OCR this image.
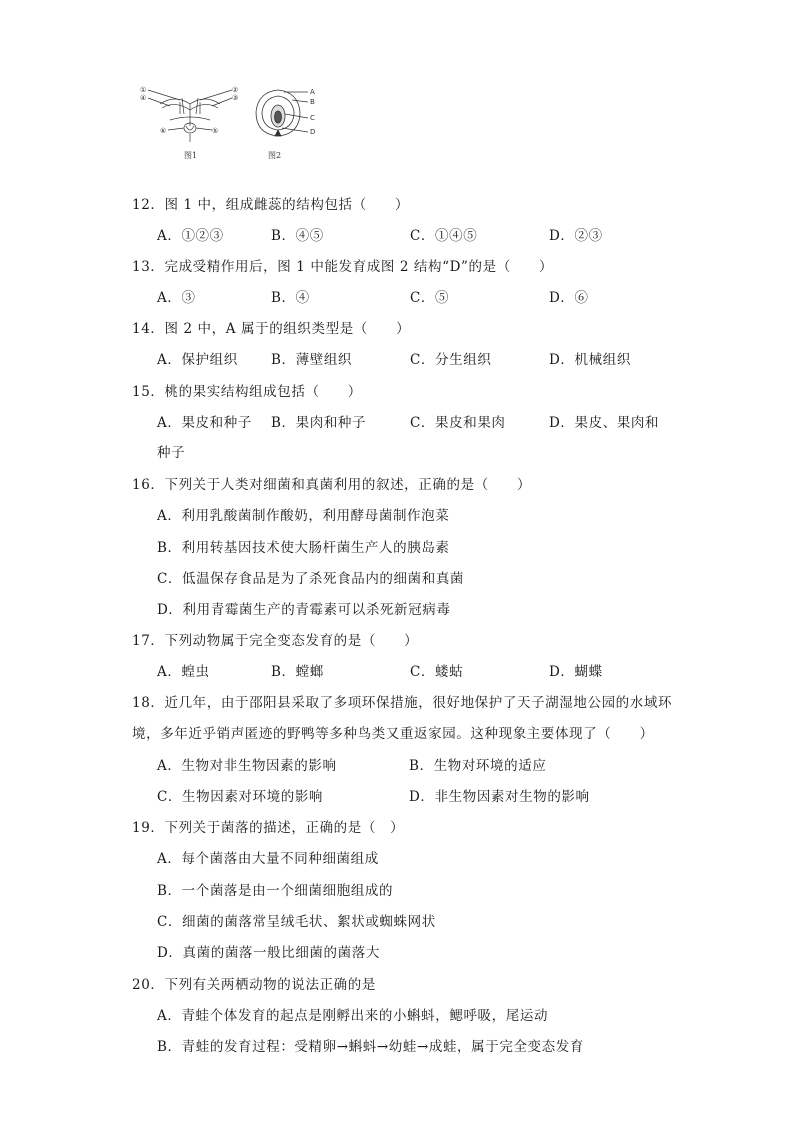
①	②
④	③
⑥	⑤
图1
A
B
C
D
图2
12．图 1 中，组成雌蕊的结构包括（　　）
A．①②③	B．④⑤	C．①④⑤	D．②③
13．完成受精作用后，图 1 中能发育成图 2 结构“D”的是（　　）
A．③	B．④	C．⑤	D．⑥
14．图 2 中，A 属于的组织类型是（　　）
A．保护组织 B．薄壁组织	C．分生组织	D．机械组织
15．桃的果实结构组成包括（　　）
A．果皮和种子 B．果肉和种子	C．果皮和果肉	D．果皮、果肉和
种子
16．下列关于人类对细菌和真菌利用的叙述，正确的是（　　）
A．利用乳酸菌制作酸奶，利用酵母菌制作泡菜
B．利用转基因技术使大肠杆菌生产人的胰岛素
C．低温保存食品是为了杀死食品内的细菌和真菌
D．利用青霉菌生产的青霉素可以杀死新冠病毒
17．下列动物属于完全变态发育的是（　　）
A．蝗虫	B．螳螂	C．蝼蛄	D．蝴蝶
18．近几年，由于邵阳县采取了多项环保措施，很好地保护了天子湖湿地公园的水域环
境，多年近乎销声匿迹的野鸭等多种鸟类又重返家园。这种现象主要体现了（　　）
A．生物对非生物因素的影响	B．生物对环境的适应
C．生物因素对环境的影响	D．非生物因素对生物的影响
19．下列关于菌落的描述，正确的是（　）
A．每个菌落由大量不同种细菌组成
B．一个菌落是由一个细菌细胞组成的
C．细菌的菌落常呈绒毛状、絮状或蜘蛛网状
D．真菌的菌落一般比细菌的菌落大
20．下列有关两栖动物的说法正确的是
A．青蛙个体发育的起点是刚孵出来的小蝌蚪，鳃呼吸，尾运动
B．青蛙的发育过程：受精卵→蝌蚪→幼蛙→成蛙，属于完全变态发育
